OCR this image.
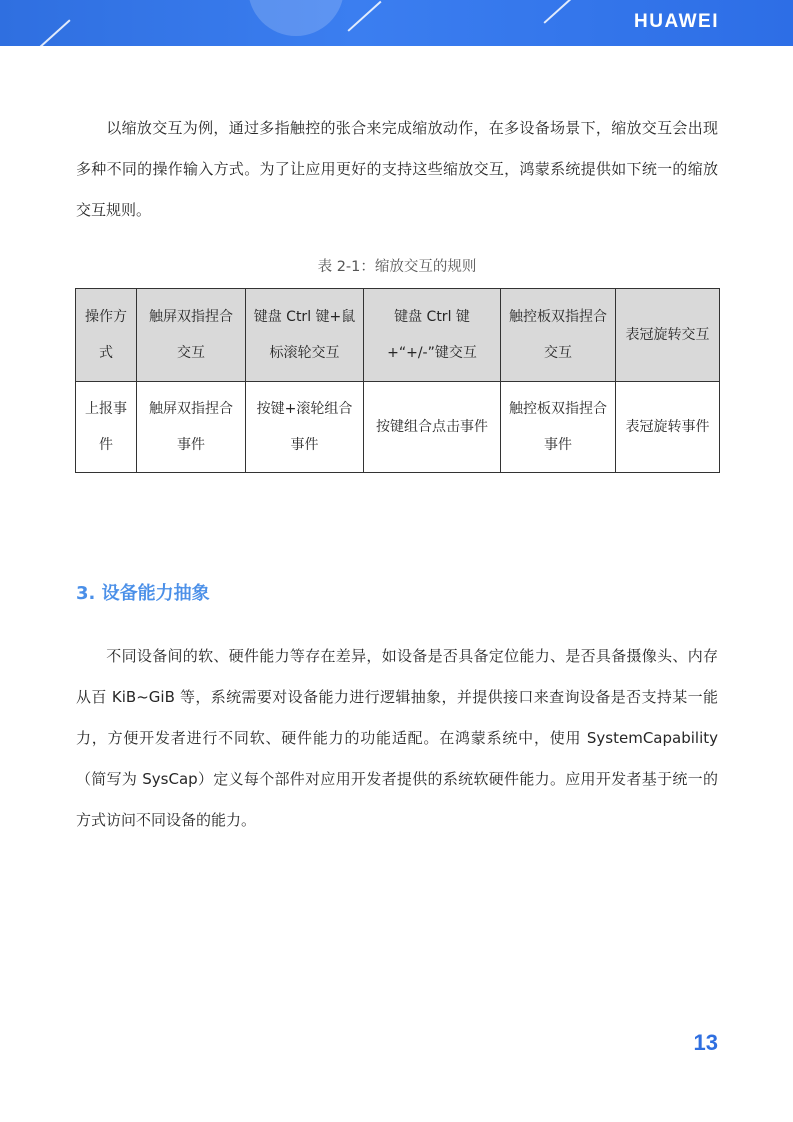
HUAWEI

以缩放交互为例，通过多指触控的张合来完成缩放动作，在多设备场景下，缩放交互会出现多种不同的操作输入方式。为了让应用更好的支持这些缩放交互，鸿蒙系统提供如下统一的缩放交互规则。

表 2-1：缩放交互的规则
操作方式	触屏双指捏合交互	键盘 Ctrl 键+鼠标滚轮交互	键盘 Ctrl 键 +“+/-”键交互	触控板双指捏合交互	表冠旋转交互
上报事件	触屏双指捏合事件	按键+滚轮组合事件	按键组合点击事件	触控板双指捏合事件	表冠旋转事件
3. 设备能力抽象

不同设备间的软、硬件能力等存在差异，如设备是否具备定位能力、是否具备摄像头、内存从百 KiB~GiB 等，系统需要对设备能力进行逻辑抽象，并提供接口来查询设备是否支持某一能力，方便开发者进行不同软、硬件能力的功能适配。在鸿蒙系统中，使用 SystemCapability（简写为 SysCap）定义每个部件对应用开发者提供的系统软硬件能力。应用开发者基于统一的方式访问不同设备的能力。

13
